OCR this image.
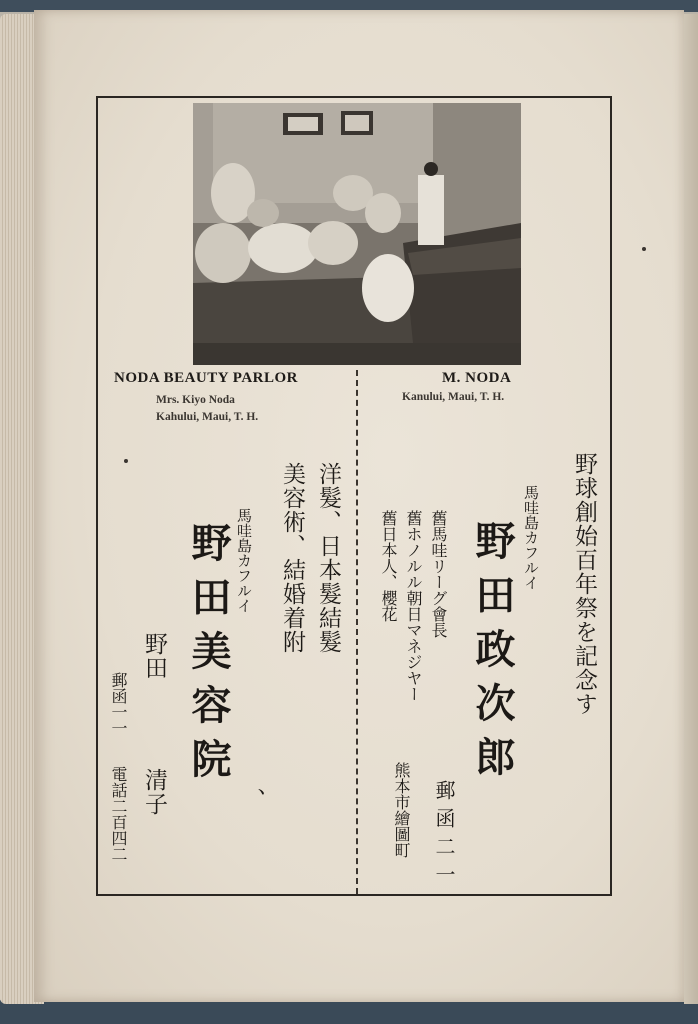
NODA BEAUTY PARLOR
Mrs. Kiyo Noda
Kahului, Maui, T. H.
M. NODA
Kanului, Maui, T. H.
野球創始百年祭を記念す
馬哇島カフルイ
野田政次郎
舊馬哇リーグ會長
舊ホノルル朝日マネジヤー
舊日本人、櫻花
郵函二一
熊本市繪圖町
洋髮、日本髮結髮
美容術、結婚着附
馬哇島カフルイ
野田美容院
、
野田
清子
郵函一一
電話二百四二
